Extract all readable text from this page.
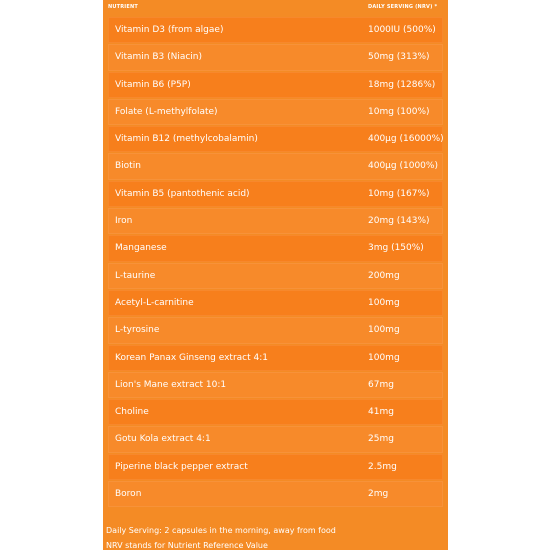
NUTRIENT	DAILY SERVING (NRV) *
Vitamin D3 (from algae)	1000IU (500%)
Vitamin B3 (Niacin)	50mg (313%)
Vitamin B6 (P5P)	18mg (1286%)
Folate (L-methylfolate)	10mg (100%)
Vitamin B12 (methylcobalamin)	400µg (16000%)
Biotin	400µg (1000%)
Vitamin B5 (pantothenic acid)	10mg (167%)
Iron	20mg (143%)
Manganese	3mg (150%)
L-taurine	200mg
Acetyl-L-carnitine	100mg
L-tyrosine	100mg
Korean Panax Ginseng extract 4:1	100mg
Lion's Mane extract 10:1	67mg
Choline	41mg
Gotu Kola extract 4:1	25mg
Piperine black pepper extract	2.5mg
Boron	2mg
Daily Serving: 2 capsules in the morning, away from food
NRV stands for Nutrient Reference Value
